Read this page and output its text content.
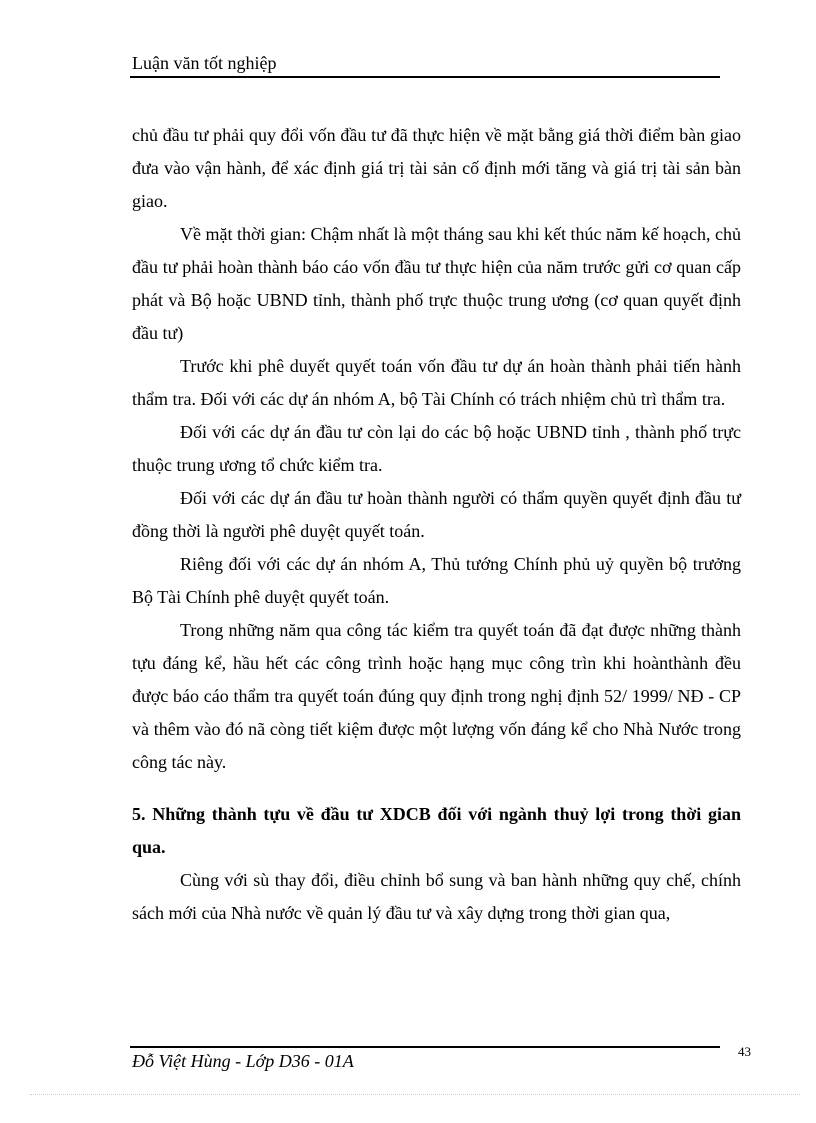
Luận văn tốt nghiệp

chủ đầu tư phải quy đổi vốn đầu tư đã thực hiện về mặt bằng giá thời điểm bàn giao đưa vào vận hành, để xác định giá trị tài sản cố định mới tăng và giá trị tài sản bàn giao.

Về mặt thời gian: Chậm nhất là một tháng sau khi kết thúc năm kế hoạch, chủ đầu tư phải hoàn thành báo cáo vốn đầu tư thực hiện của năm trước gửi cơ quan cấp phát và Bộ hoặc UBND tỉnh, thành phố trực thuộc trung ương (cơ quan quyết định đầu tư)

Trước khi phê duyết quyết toán vốn đầu tư dự án hoàn thành phải tiến hành thẩm tra. Đối với các dự án nhóm A, bộ Tài Chính có trách nhiệm chủ trì thẩm tra.

Đối với các dự án đầu tư còn lại do các bộ hoặc UBND tỉnh , thành phố trực thuộc trung ương tổ chức kiểm tra.

Đối với các dự án đầu tư hoàn thành người có thẩm quyền quyết định đầu tư đồng thời là người phê duyệt quyết toán.

Riêng đối với các dự án nhóm A, Thủ tướng Chính phủ uỷ quyền bộ trưởng Bộ Tài Chính phê duyệt quyết toán.

Trong những năm qua công tác kiểm tra quyết toán đã đạt được những thành tựu đáng kể, hầu hết các công trình hoặc hạng mục công trìn khi hoànthành đều được báo cáo thẩm tra quyết toán đúng quy định trong nghị định 52/ 1999/ NĐ - CP và thêm vào đó nã còng tiết kiệm được một lượng vốn đáng kể cho Nhà Nước trong công tác này.

5. Những thành tựu về đầu tư XDCB đối với ngành thuỷ lợi trong thời gian qua.

Cùng với sù thay đổi, điều chỉnh bổ sung và ban hành những quy chế, chính sách mới của Nhà nước về quản lý đầu tư và xây dựng trong thời gian qua,

Đỗ Việt Hùng - Lớp D36 - 01A	43
